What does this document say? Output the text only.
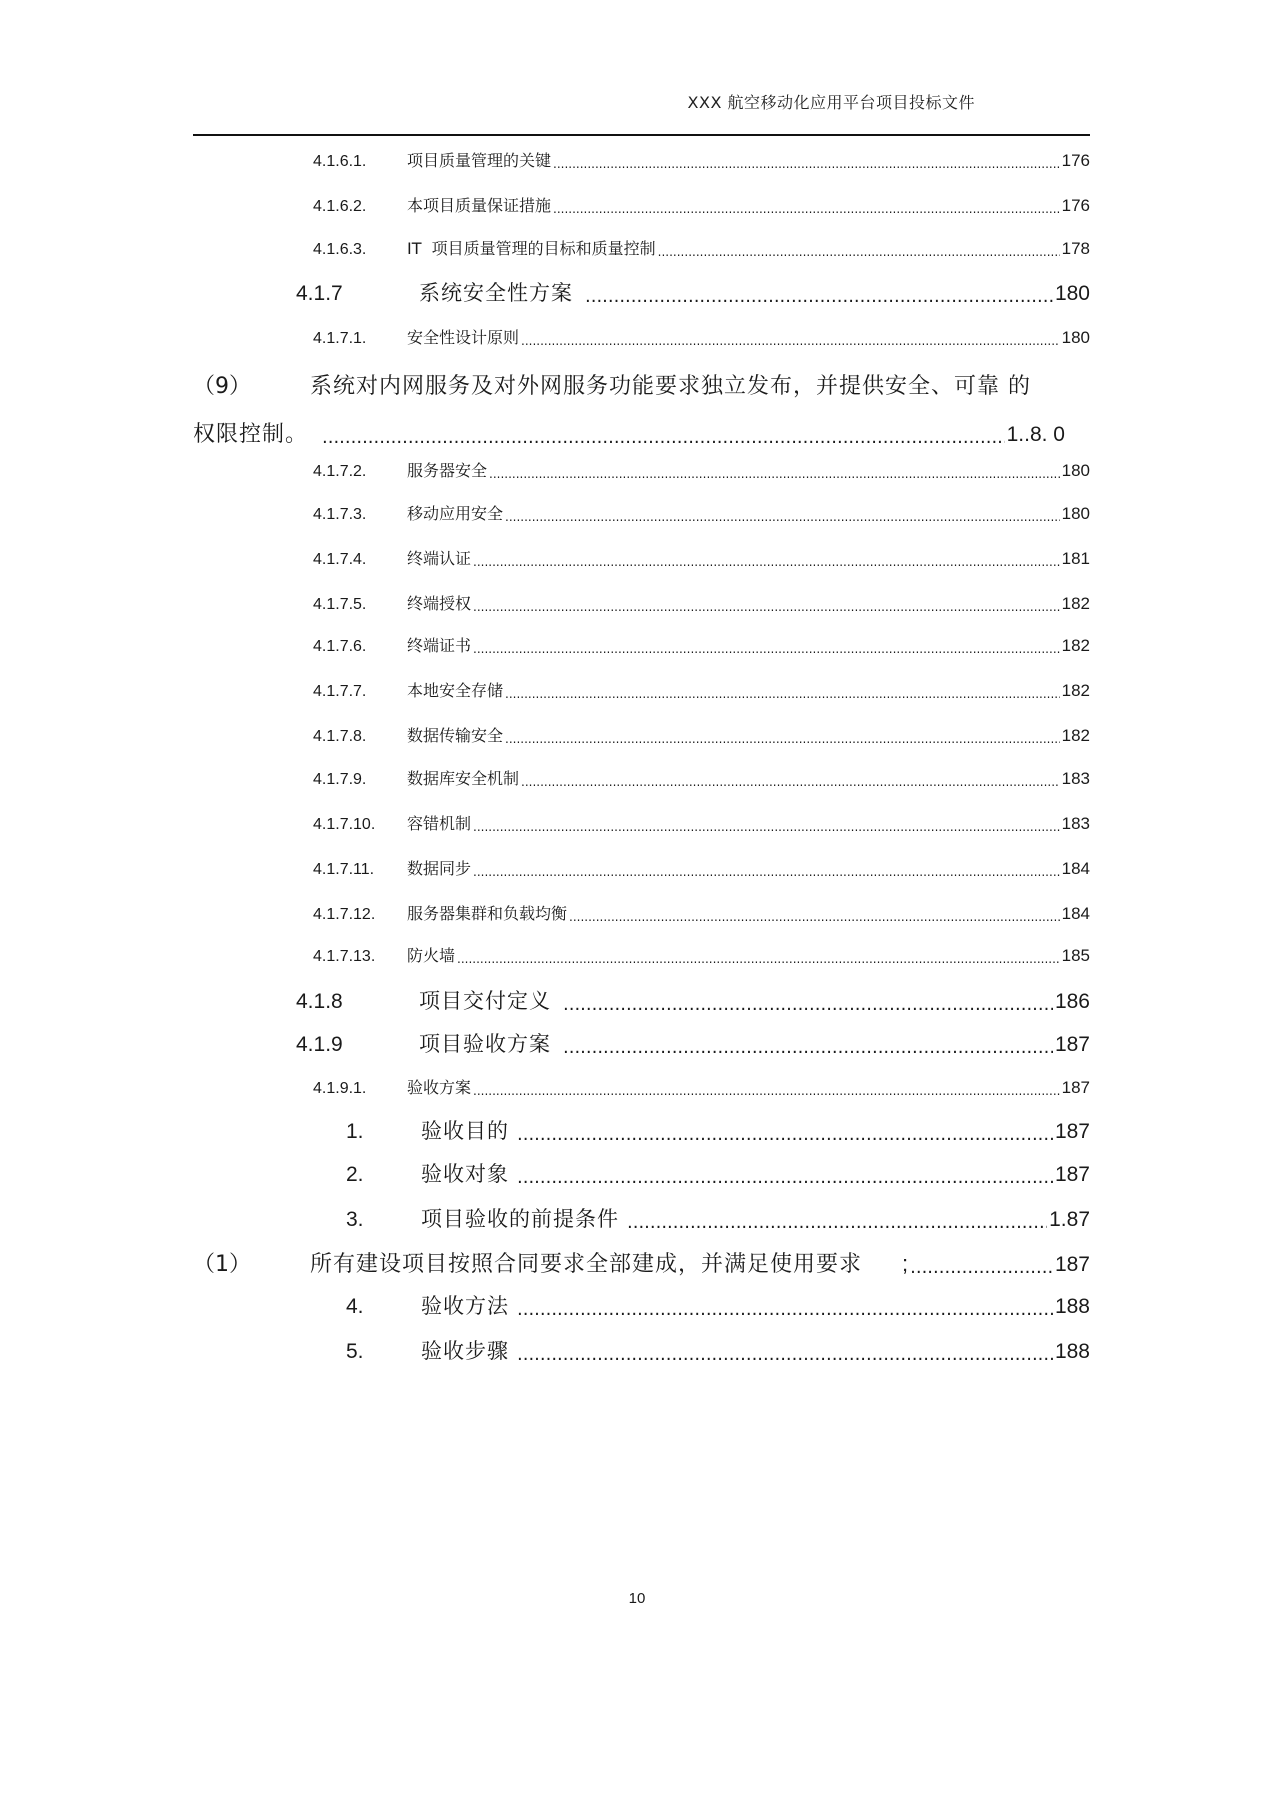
XXX 航空移动化应用平台项目投标文件
4.1.6.1.	项目质量管理的关键 .....	176
4.1.6.2.	本项目质量保证措施 .....	176
4.1.6.3.	IT  项目质量管理的目标和质量控制 .....	178
4.1.7	系统安全性方案 .....	180
4.1.7.1.	安全性设计原则 .....	180
（9）	系统对内网服务及对外网服务功能要求独立发布，并提供安全、可靠 的
权限控制。 .....	1..8. 0
4.1.7.2.	服务器安全 .....	180
4.1.7.3.	移动应用安全 .....	180
4.1.7.4.	终端认证 .....	181
4.1.7.5.	终端授权 .....	182
4.1.7.6.	终端证书 .....	182
4.1.7.7.	本地安全存储 .....	182
4.1.7.8.	数据传输安全 .....	182
4.1.7.9.	数据库安全机制 .....	183
4.1.7.10.	容错机制 .....	183
4.1.7.11.	数据同步 .....	184
4.1.7.12.	服务器集群和负载均衡 .....	184
4.1.7.13.	防火墙 .....	185
4.1.8	项目交付定义 .....	186
4.1.9	项目验收方案 .....	187
4.1.9.1.	验收方案 .....	187
1.	验收目的 .....	187
2.	验收对象 .....	187
3.	项目验收的前提条件 .....	1.87
（1）	所有建设项目按照合同要求全部建成，并满足使用要求 ; .....	187
4.	验收方法 .....	188
5.	验收步骤 .....	188
10
